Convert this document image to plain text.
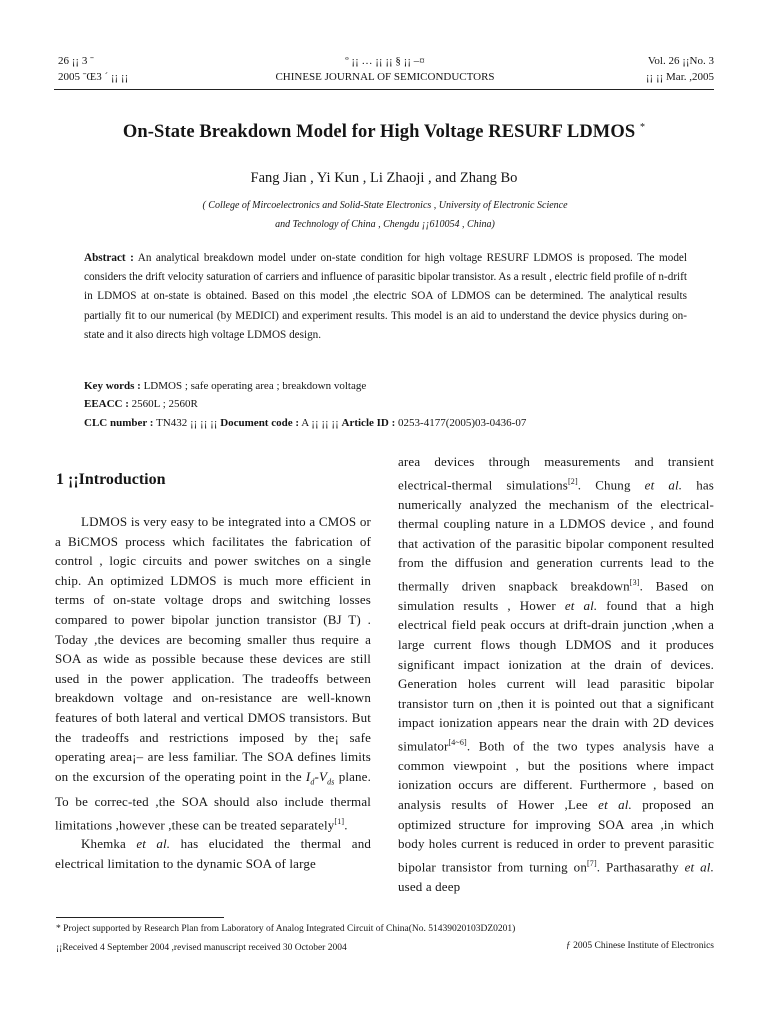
26 ¡¡ 3 ˉ
2005 ˉŒ3 ´ ¡¡ ¡¡
º ¡¡ … ¡¡ ¡¡ § ¡¡ –¤
CHINESE JOURNAL OF SEMICONDUCTORS
Vol. 26 ¡¡No. 3
¡¡ ¡¡ Mar. ,2005
On-State Breakdown Model for High Voltage RESURF LDMOS *
Fang Jian , Yi Kun , Li Zhaoji , and Zhang Bo
( College of Mircoelectronics and Solid-State Electronics , University of Electronic Science
and Technology of China , Chengdu ¡¡610054 , China)
Abstract : An analytical breakdown model under on-state condition for high voltage RESURF LDMOS is proposed. The model considers the drift velocity saturation of carriers and influence of parasitic bipolar transistor. As a result , electric field profile of n-drift in LDMOS at on-state is obtained. Based on this model ,the electric SOA of LDMOS can be determined. The analytical results partially fit to our numerical (by MEDICI) and experiment results. This model is an aid to understand the device physics during on-state and it also directs high voltage LDMOS design.
Key words : LDMOS ; safe operating area ; breakdown voltage
EEACC : 2560L ; 2560R
CLC number : TN432 ¡¡ ¡¡ ¡¡ Document code : A ¡¡ ¡¡ ¡¡ Article ID : 0253-4177(2005)03-0436-07
1 ¡¡Introduction

LDMOS is very easy to be integrated into a CMOS or a BiCMOS process which facilitates the fabrication of control , logic circuits and power switches on a single chip. An optimized LDMOS is much more efficient in terms of on-state voltage drops and switching losses compared to power bipolar junction transistor (BJ T) . Today ,the devices are becoming smaller thus require a SOA as wide as possible because these devices are still used in the power application. The tradeoffs between breakdown voltage and on-resistance are well-known features of both lateral and vertical DMOS transistors. But the tradeoffs and restrictions imposed by the¡ safe operating area¡– are less familiar. The SOA defines limits on the excursion of the operating point in the $I_d-V_{ds}$ plane. To be correc-ted ,the SOA should also include thermal limitations ,however ,these can be treated separately[1].

Khemka et al. has elucidated the thermal and electrical limitation to the dynamic SOA of large

area devices through measurements and transient electrical-thermal simulations[2]. Chung et al. has numerically analyzed the mechanism of the electrical-thermal coupling nature in a LDMOS device , and found that activation of the parasitic bipolar component resulted from the diffusion and generation currents lead to the thermally driven snapback breakdown[3]. Based on simulation results , Hower et al. found that a high electrical field peak occurs at drift-drain junction ,when a large current flows though LDMOS and it produces significant impact ionization at the drain of devices. Generation holes current will lead parasitic bipolar transistor turn on ,then it is pointed out that a significant impact ionization appears near the drain with 2D devices simulator[4~6]. Both of the two types analysis have a common viewpoint , but the positions where impact ionization occurs are different. Furthermore , based on analysis results of Hower ,Lee et al. proposed an optimized structure for improving SOA area ,in which body holes current is reduced in order to prevent parasitic bipolar transistor from turning on[7]. Parthasarathy et al. used a deep

* Project supported by Research Plan from Laboratory of Analog Integrated Circuit of China(No. 51439020103DZ0201)
¡¡Received 4 September 2004 ,revised manuscript received 30 October 2004	ƒ 2005 Chinese Institute of Electronics
